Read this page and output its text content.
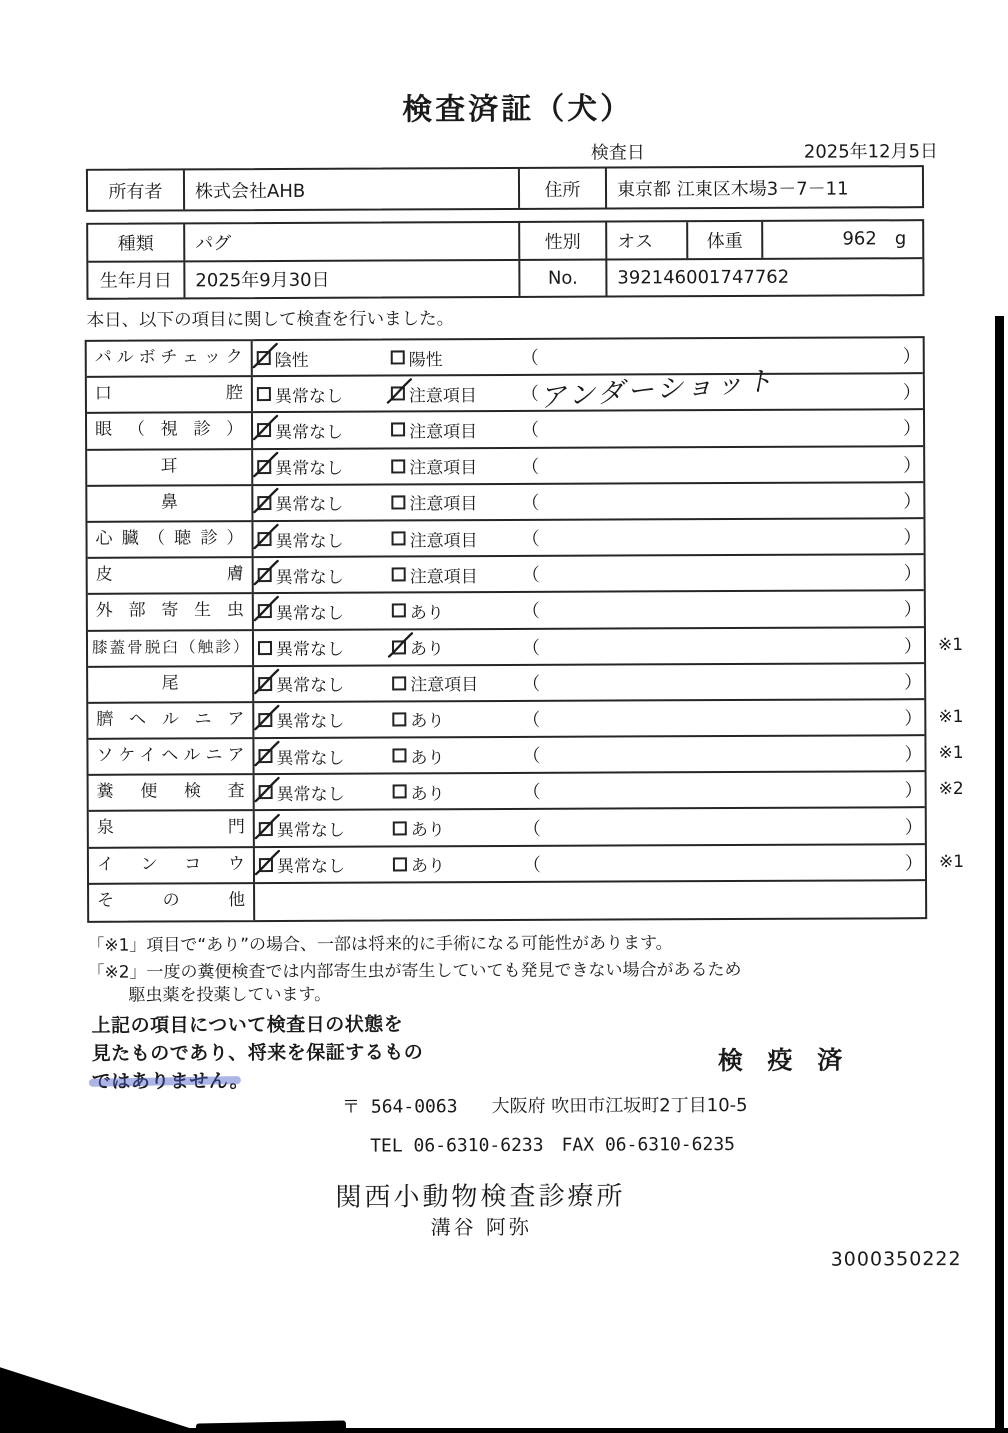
検査済証（犬）
検査日	2025年12月5日
所有者	株式会社AHB	住所	東京都 江東区木場3－7－11
種類	パグ	性別	オス	体重	962 g
生年月日	2025年9月30日	No.	392146001747762
本日、以下の項目に関して検査を行いました。
パルボチェック	陰性	陽性	（	）
口腔	異常なし	注意項目 （ アンダーショット	）
眼（視診）	異常なし	注意項目 （	）
耳	異常なし	注意項目 （	）
鼻	異常なし	注意項目 （	）
心臓（聴診）	異常なし	注意項目 （	）
皮膚	異常なし	注意項目 （	）
外部寄生虫	異常なし	あり	（	）
膝蓋骨脱臼（触診）	異常なし	あり	（	） ※1
尾	異常なし	注意項目 （	）
臍ヘルニア	異常なし	あり	（	） ※1
ソケイヘルニア	異常なし	あり	（	） ※1
糞便検査	異常なし	あり	（	） ※2
泉門	異常なし	あり	（	）
インコウ	異常なし	あり	（	） ※1
その他
「※1」項目で“あり”の場合、一部は将来的に手術になる可能性があります。
「※2」一度の糞便検査では内部寄生虫が寄生していても発見できない場合があるため
駆虫薬を投薬しています。
上記の項目について検査日の状態を
見たものであり、将来を保証するもの
ではありません。
検 疫 済
〒 564-0063 大阪府 吹田市江坂町2丁目10-5
TEL 06-6310-6233　FAX 06-6310-6235
関西小動物検査診療所
溝谷 阿弥
3000350222
